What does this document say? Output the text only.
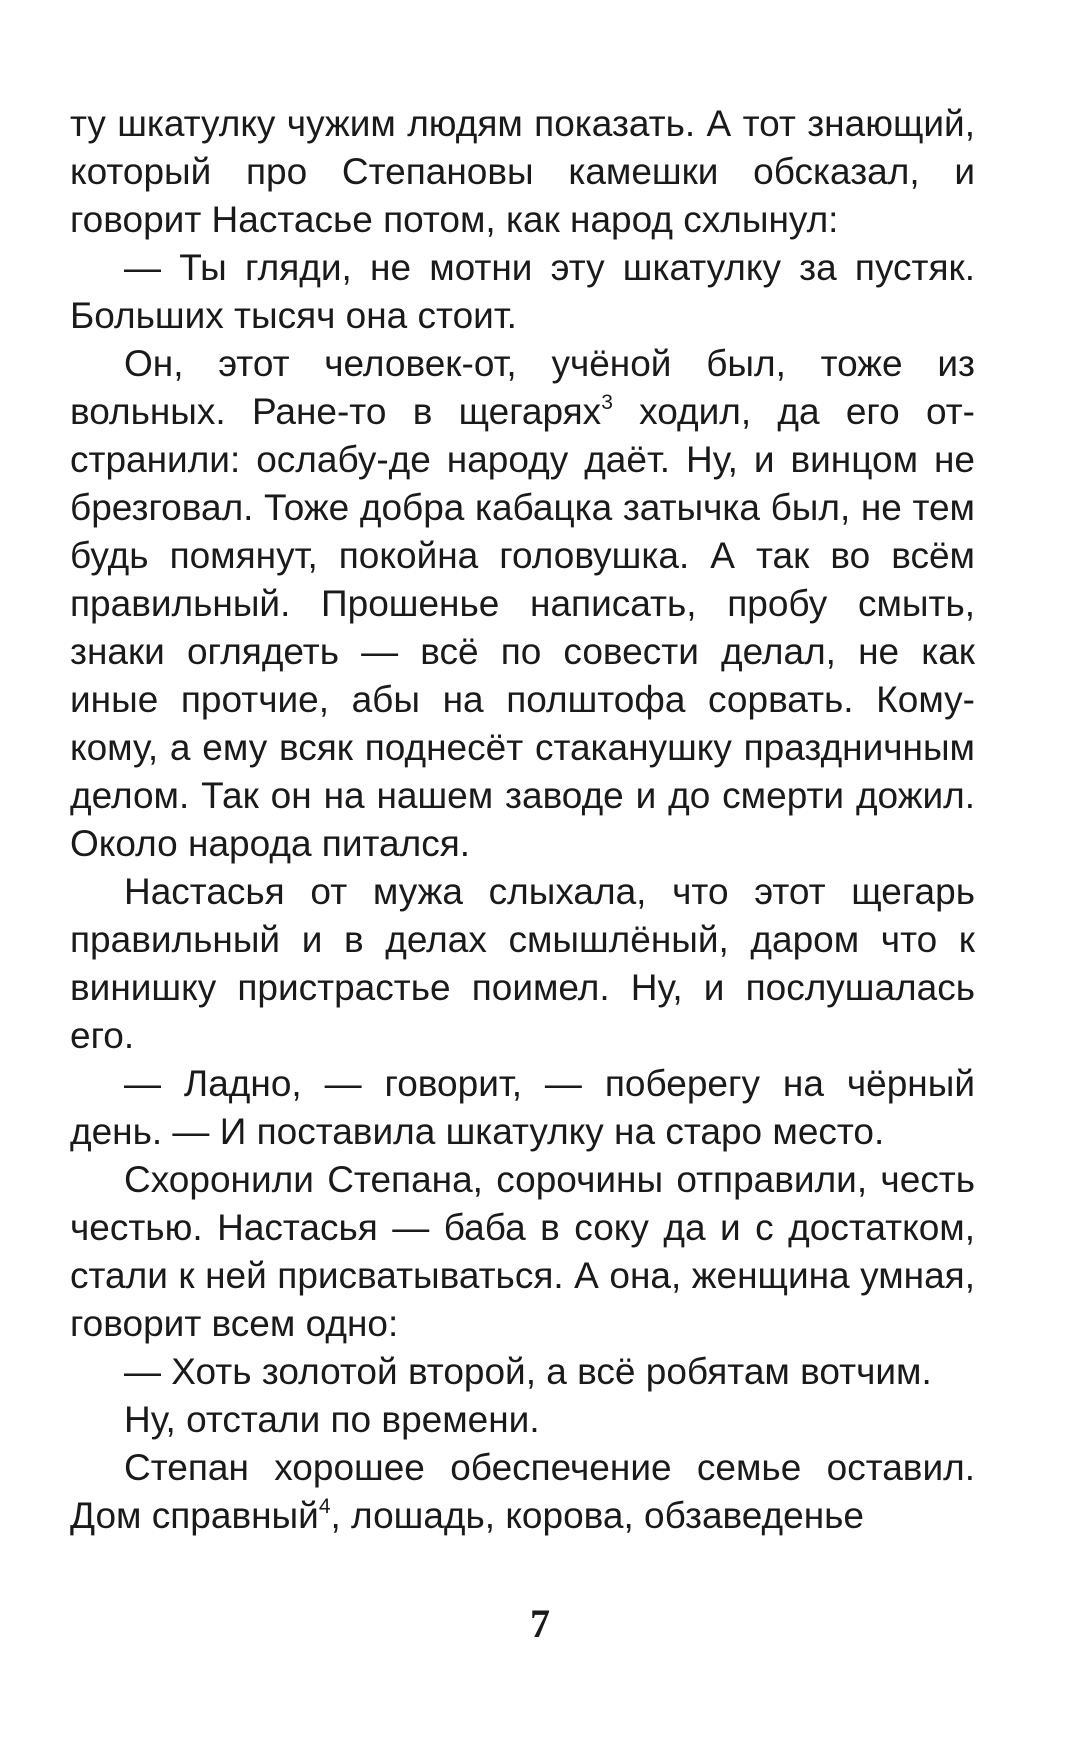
ту шкатулку чужим людям показать. А тот знающий, который про Степановы камешки обсказал, и говорит Настасье потом, как народ схлынул:

— Ты гляди, не мотни эту шкатулку за пустяк. Больших тысяч она стоит.

Он, этот человек-от, учёной был, тоже из вольных. Ране-то в щегарях$^3$ ходил, да его отстранили: ослабу-де народу даёт. Ну, и винцом не брезговал. Тоже добра кабацка затычка был, не тем будь помянут, покойна головушка. А так во всём правильный. Прошенье написать, пробу смыть, знаки оглядеть — всё по совести делал, не как иные протчие, абы на полштофа сорвать. Кому-кому, а ему всяк поднесёт стаканушку праздничным делом. Так он на нашем заводе и до смерти дожил. Около народа питался.

Настасья от мужа слыхала, что этот щегарь правильный и в делах смышлёный, даром что к винишку пристрастье поимел. Ну, и послушалась его.

— Ладно, — говорит, — поберегу на чёрный день. — И поставила шкатулку на старо место.

Схоронили Степана, сорочины отправили, честь честью. Настасья — баба в соку да и с достатком, стали к ней присватываться. А она, женщина умная, говорит всем одно:

— Хоть золотой второй, а всё робятам вотчим.

Ну, отстали по времени.

Степан хорошее обеспечение семье оставил. Дом справный$^4$, лошадь, корова, обзаведенье

7
